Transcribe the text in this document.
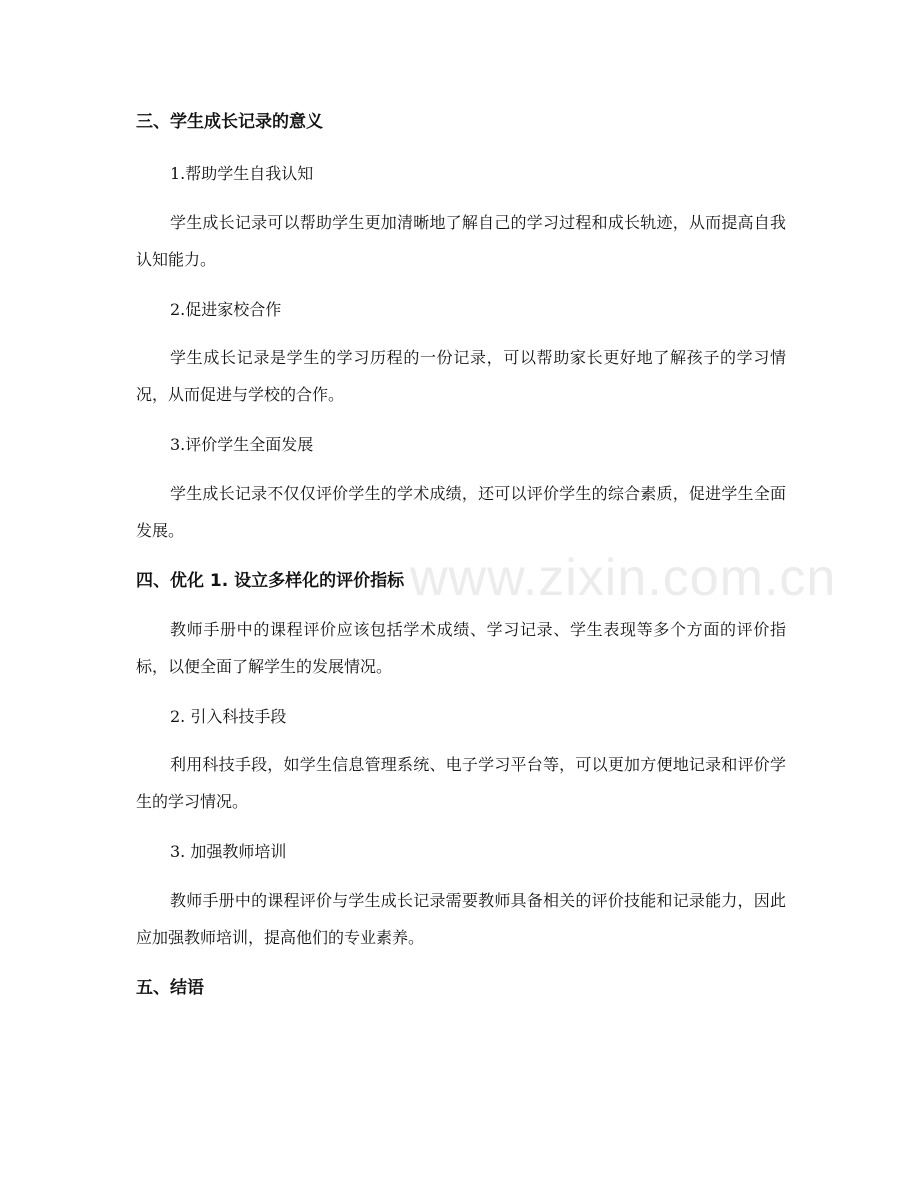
www.zixin.com.cn
三、学生成长记录的意义
1.帮助学生自我认知
学生成长记录可以帮助学生更加清晰地了解自己的学习过程和成长轨迹，从而提高自我认知能力。
2.促进家校合作
学生成长记录是学生的学习历程的一份记录，可以帮助家长更好地了解孩子的学习情况，从而促进与学校的合作。
3.评价学生全面发展
学生成长记录不仅仅评价学生的学术成绩，还可以评价学生的综合素质，促进学生全面发展。
四、优化 1. 设立多样化的评价指标
教师手册中的课程评价应该包括学术成绩、学习记录、学生表现等多个方面的评价指标，以便全面了解学生的发展情况。
2. 引入科技手段
利用科技手段，如学生信息管理系统、电子学习平台等，可以更加方便地记录和评价学生的学习情况。
3. 加强教师培训
教师手册中的课程评价与学生成长记录需要教师具备相关的评价技能和记录能力，因此应加强教师培训，提高他们的专业素养。
五、结语
